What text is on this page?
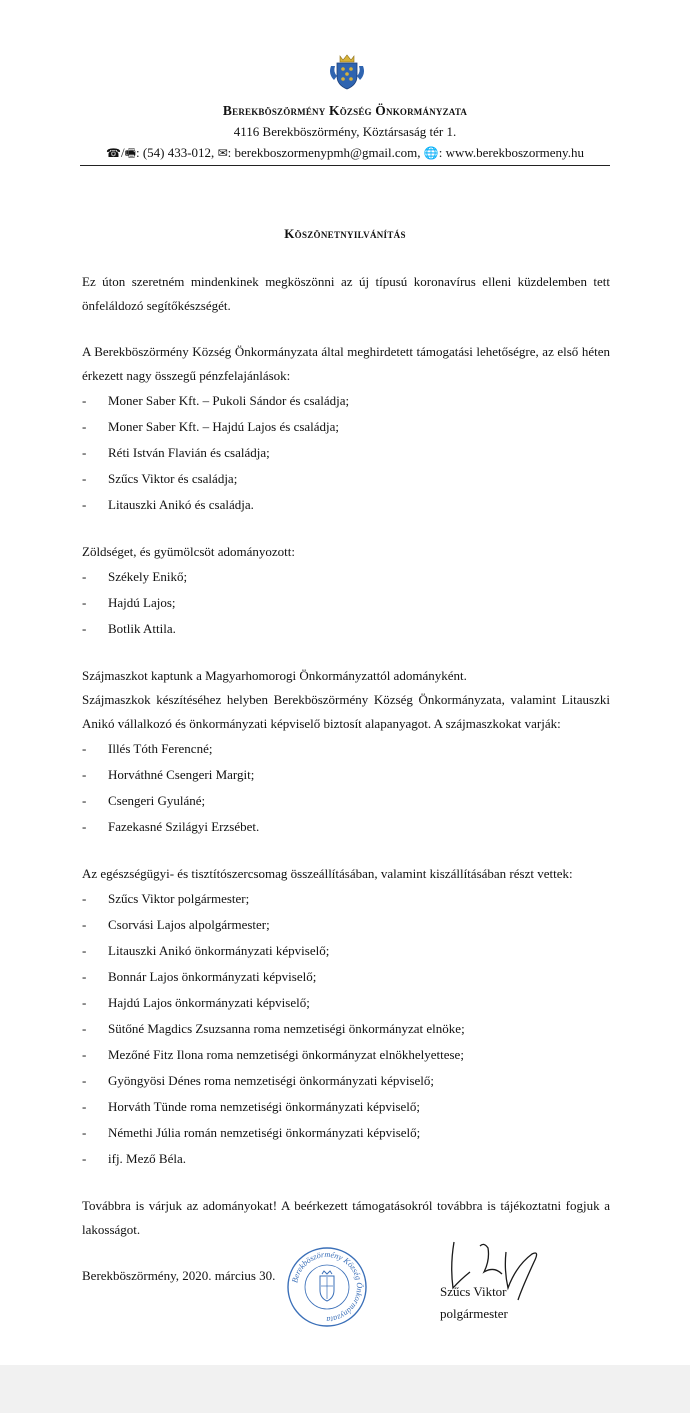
Berekböszörmény Község Önkormányzata
4116 Berekböszörmény, Köztársaság tér 1.
☎/🖷: (54) 433-012, ✉: berekboszormenypmh@gmail.com, 🌐: www.berekboszormeny.hu
Köszönetnyilvánítás

Ez úton szeretném mindenkinek megköszönni az új típusú koronavírus elleni küzdelemben tett önfeláldozó segítőkészségét.

A Berekböszörmény Község Önkormányzata által meghirdetett támogatási lehetőségre, az első héten érkezett nagy összegű pénzfelajánlások:

- Moner Saber Kft. – Pukoli Sándor és családja;
- Moner Saber Kft. – Hajdú Lajos és családja;
- Réti István Flavián és családja;
- Szűcs Viktor és családja;
- Litauszki Anikó és családja.

Zöldséget, és gyümölcsöt adományozott:

- Székely Enikő;
- Hajdú Lajos;
- Botlik Attila.

Szájmaszkot kaptunk a Magyarhomorogi Önkormányzattól adományként.

Szájmaszkok készítéséhez helyben Berekböszörmény Község Önkormányzata, valamint Litauszki Anikó vállalkozó és önkormányzati képviselő biztosít alapanyagot. A szájmaszkokat varják:

- Illés Tóth Ferencné;
- Horváthné Csengeri Margit;
- Csengeri Gyuláné;
- Fazekasné Szilágyi Erzsébet.

Az egészségügyi- és tisztítószercsomag összeállításában, valamint kiszállításában részt vettek:

- Szűcs Viktor polgármester;
- Csorvási Lajos alpolgármester;
- Litauszki Anikó önkormányzati képviselő;
- Bonnár Lajos önkormányzati képviselő;
- Hajdú Lajos önkormányzati képviselő;
- Sütőné Magdics Zsuzsanna roma nemzetiségi önkormányzat elnöke;
- Mezőné Fitz Ilona roma nemzetiségi önkormányzat elnökhelyettese;
- Gyöngyösi Dénes roma nemzetiségi önkormányzati képviselő;
- Horváth Tünde roma nemzetiségi önkormányzati képviselő;
- Némethi Júlia román nemzetiségi önkormányzati képviselő;
- ifj. Mező Béla.

Továbbra is várjuk az adományokat! A beérkezett támogatásokról továbbra is tájékoztatni fogjuk a lakosságot.

Berekböszörmény, 2020. március 30.	Berekböszörmény Község Önkormányzata
Szűcs Viktor
polgármester
